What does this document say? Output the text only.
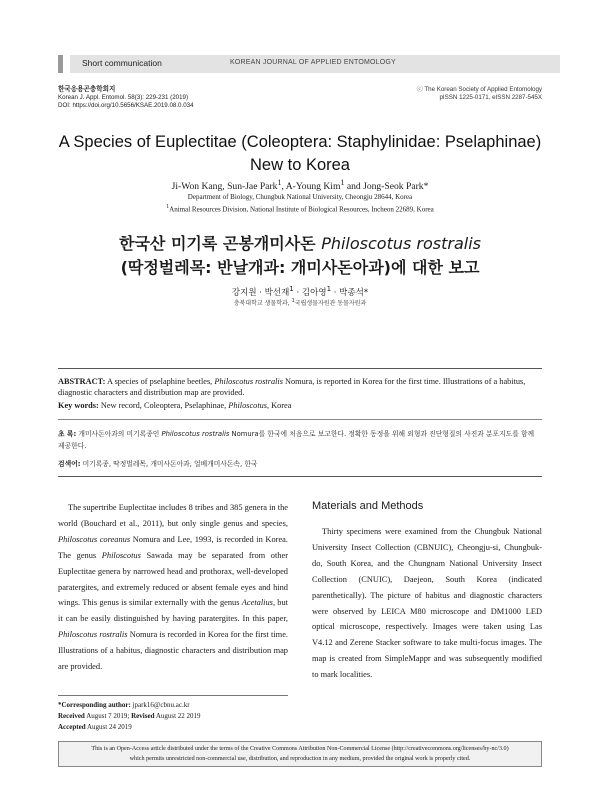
Short communication	KOREAN JOURNAL OF APPLIED ENTOMOLOGY
한국응용곤충학회지
Korean J. Appl. Entomol. 58(3): 229-231 (2019)
DOI: https://doi.org/10.5656/KSAE.2019.08.0.034
ⓒ The Korean Society of Applied Entomology
pISSN 1225-0171, eISSN 2287-545X
A Species of Euplectitae (Coleoptera: Staphylinidae: Pselaphinae)
New to Korea
Ji-Won Kang, Sun-Jae Park$^1$, A-Young Kim$^1$ and Jong-Seok Park*
Department of Biology, Chungbuk National University, Cheongju 28644, Korea
$^1$Animal Resources Division, National Institute of Biological Resources, Incheon 22689, Korea
한국산 미기록 곤봉개미사돈 Philoscotus rostralis
(딱정벌레목: 반날개과: 개미사돈아과)에 대한 보고
강지원 · 박선재$^1$ · 김아영$^1$ · 박종석*
충북대학교 생물학과, $^1$국립생물자원관 동물자원과
ABSTRACT: A species of pselaphine beetles, Philoscotus rostralis Nomura, is reported in Korea for the first time. Illustrations of a habitus, diagnostic characters and distribution map are provided.
Key words: New record, Coleoptera, Pselaphinae, Philoscotus, Korea
초 록: 개미사돈아과의 미기록종인 Philoscotus rostralis Nomura를 한국에 처음으로 보고한다. 정확한 동정을 위해 외형과 진단형질의 사진과 분포지도를 함께 제공한다.
검색어: 미기록종, 딱정벌레목, 개미사돈아과, 얼베개미사돈속, 한국

The supertribe Euplectitae includes 8 tribes and 385 genera in the world (Bouchard et al., 2011), but only single genus and species, Philoscotus coreanus Nomura and Lee, 1993, is recorded in Korea. The genus Philoscotus Sawada may be separated from other Euplectitae genera by narrowed head and prothorax, well-developed paratergites, and extremely reduced or absent female eyes and hind wings. This genus is similar externally with the genus Acetalius, but it can be easily distinguished by having paratergites. In this paper, Philoscotus rostralis Nomura is recorded in Korea for the first time. Illustrations of a habitus, diagnostic characters and distribution map are provided.

Materials and Methods

Thirty specimens were examined from the Chungbuk National University Insect Collection (CBNUIC), Cheongju-si, Chungbuk-do, South Korea, and the Chungnam National University Insect Collection (CNUIC), Daejeon, South Korea (indicated parenthetically). The picture of habitus and diagnostic characters were observed by LEICA M80 microscope and DM1000 LED optical microscope, respectively. Images were taken using Las V4.12 and Zerene Stacker software to take multi-focus images. The map is created from SimpleMappr and was subsequently modified to mark localities.

*Corresponding author: jpark16@cbnu.ac.kr
Received August 7 2019; Revised August 22 2019
Accepted August 24 2019
This is an Open-Access article distributed under the terms of the Creative Commons Attribution Non-Commercial License (http://creativecommons.org/licenses/by-nc/3.0)
which permits unrestricted non-commercial use, distribution, and reproduction in any medium, provided the original work is properly cited.
